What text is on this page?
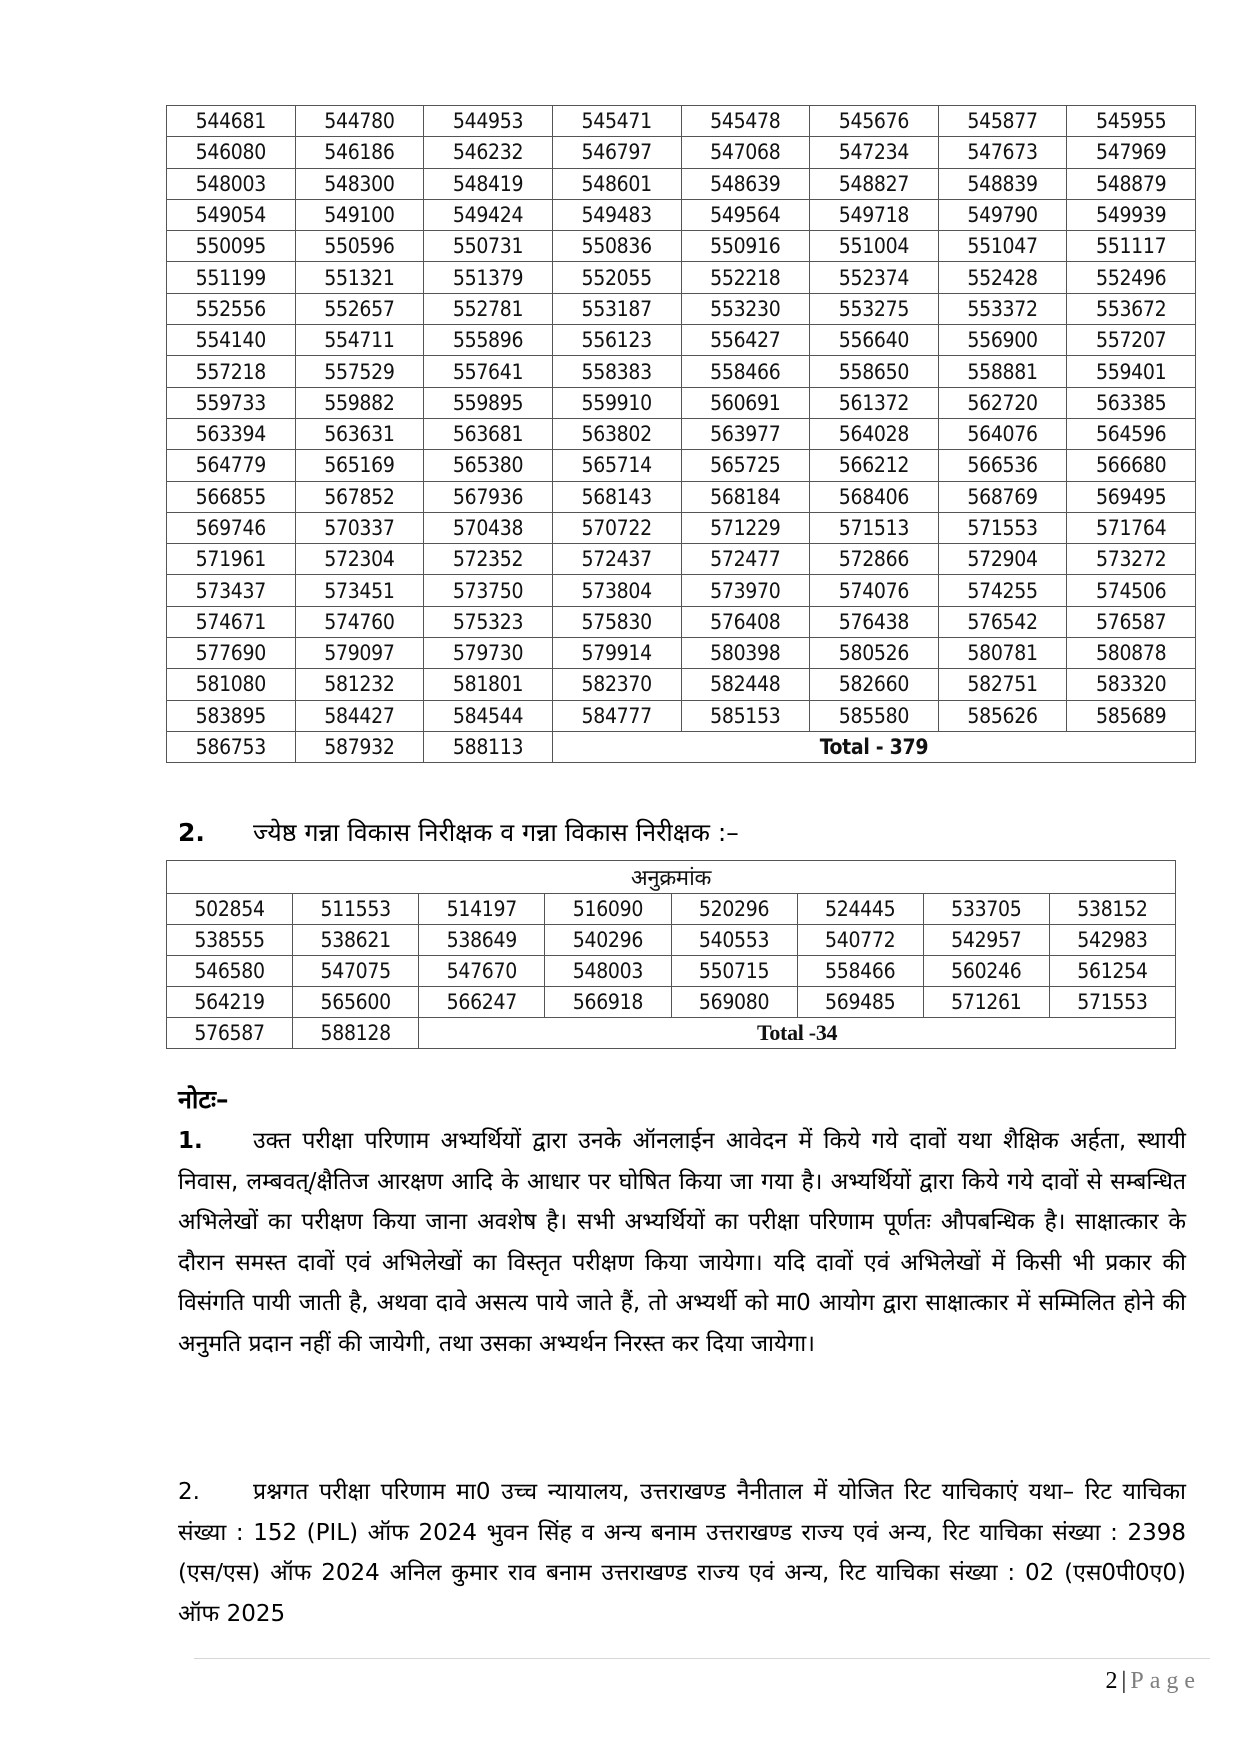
544681	544780	544953	545471	545478	545676	545877	545955
546080	546186	546232	546797	547068	547234	547673	547969
548003	548300	548419	548601	548639	548827	548839	548879
549054	549100	549424	549483	549564	549718	549790	549939
550095	550596	550731	550836	550916	551004	551047	551117
551199	551321	551379	552055	552218	552374	552428	552496
552556	552657	552781	553187	553230	553275	553372	553672
554140	554711	555896	556123	556427	556640	556900	557207
557218	557529	557641	558383	558466	558650	558881	559401
559733	559882	559895	559910	560691	561372	562720	563385
563394	563631	563681	563802	563977	564028	564076	564596
564779	565169	565380	565714	565725	566212	566536	566680
566855	567852	567936	568143	568184	568406	568769	569495
569746	570337	570438	570722	571229	571513	571553	571764
571961	572304	572352	572437	572477	572866	572904	573272
573437	573451	573750	573804	573970	574076	574255	574506
574671	574760	575323	575830	576408	576438	576542	576587
577690	579097	579730	579914	580398	580526	580781	580878
581080	581232	581801	582370	582448	582660	582751	583320
583895	584427	584544	584777	585153	585580	585626	585689
586753	587932	588113	Total - 379				
2. ज्येष्ठ गन्ना विकास निरीक्षक व गन्ना विकास निरीक्षक :–
अनुक्रमांक							
502854	511553	514197	516090	520296	524445	533705	538152
538555	538621	538649	540296	540553	540772	542957	542983
546580	547075	547670	548003	550715	558466	560246	561254
564219	565600	566247	566918	569080	569485	571261	571553
576587	588128	Total -34					
नोटः–
1. उक्त परीक्षा परिणाम अभ्यर्थियों द्वारा उनके ऑनलाईन आवेदन में किये गये दावों यथा शैक्षिक अर्हता, स्थायी निवास, लम्बवत्/क्षैतिज आरक्षण आदि के आधार पर घोषित किया जा गया है। अभ्यर्थियों द्वारा किये गये दावों से सम्बन्धित अभिलेखों का परीक्षण किया जाना अवशेष है। सभी अभ्यर्थियों का परीक्षा परिणाम पूर्णतः औपबन्धिक है। साक्षात्कार के दौरान समस्त दावों एवं अभिलेखों का विस्तृत परीक्षण किया जायेगा। यदि दावों एवं अभिलेखों में किसी भी प्रकार की विसंगति पायी जाती है, अथवा दावे असत्य पाये जाते हैं, तो अभ्यर्थी को मा0 आयोग द्वारा साक्षात्कार में सम्मिलित होने की अनुमति प्रदान नहीं की जायेगी, तथा उसका अभ्यर्थन निरस्त कर दिया जायेगा।
2. प्रश्नगत परीक्षा परिणाम मा0 उच्च न्यायालय, उत्तराखण्ड नैनीताल में योजित रिट याचिकाएं यथा– रिट याचिका संख्या : 152 (PIL) ऑफ 2024 भुवन सिंह व अन्य बनाम उत्तराखण्ड राज्य एवं अन्य, रिट याचिका संख्या : 2398 (एस/एस) ऑफ 2024 अनिल कुमार राव बनाम उत्तराखण्ड राज्य एवं अन्य, रिट याचिका संख्या : 02 (एस0पी0ए0) ऑफ 2025
2 | Page
